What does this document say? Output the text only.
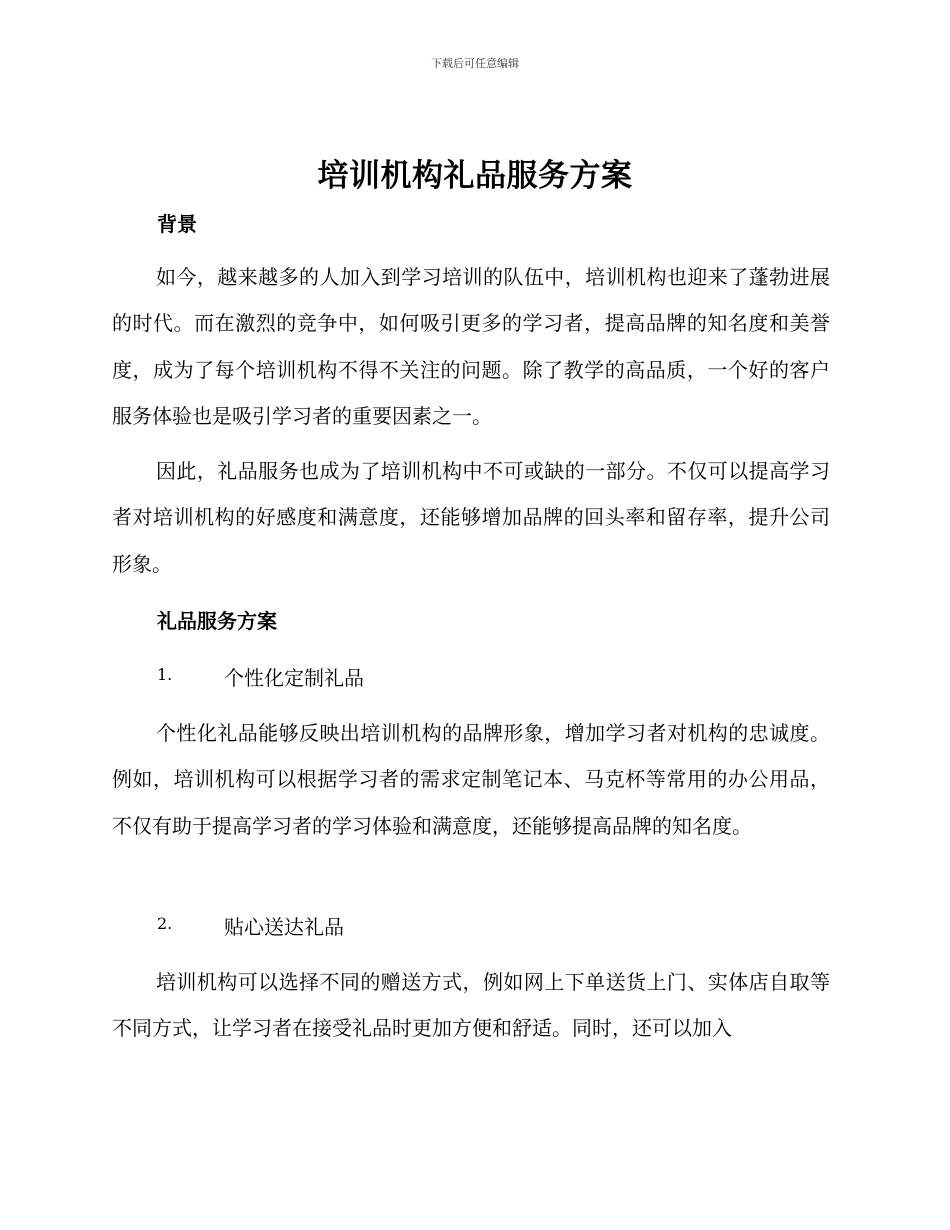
下载后可任意编辑
培训机构礼品服务方案
背景

如今，越来越多的人加入到学习培训的队伍中，培训机构也迎来了蓬勃进展的时代。而在激烈的竞争中，如何吸引更多的学习者，提高品牌的知名度和美誉度，成为了每个培训机构不得不关注的问题。除了教学的高品质，一个好的客户服务体验也是吸引学习者的重要因素之一。

因此，礼品服务也成为了培训机构中不可或缺的一部分。不仅可以提高学习者对培训机构的好感度和满意度，还能够增加品牌的回头率和留存率，提升公司形象。

礼品服务方案
1.	个性化定制礼品

个性化礼品能够反映出培训机构的品牌形象，增加学习者对机构的忠诚度。例如，培训机构可以根据学习者的需求定制笔记本、马克杯等常用的办公用品，不仅有助于提高学习者的学习体验和满意度，还能够提高品牌的知名度。

2.	贴心送达礼品

培训机构可以选择不同的赠送方式，例如网上下单送货上门、实体店自取等不同方式，让学习者在接受礼品时更加方便和舒适。同时，还可以加入
